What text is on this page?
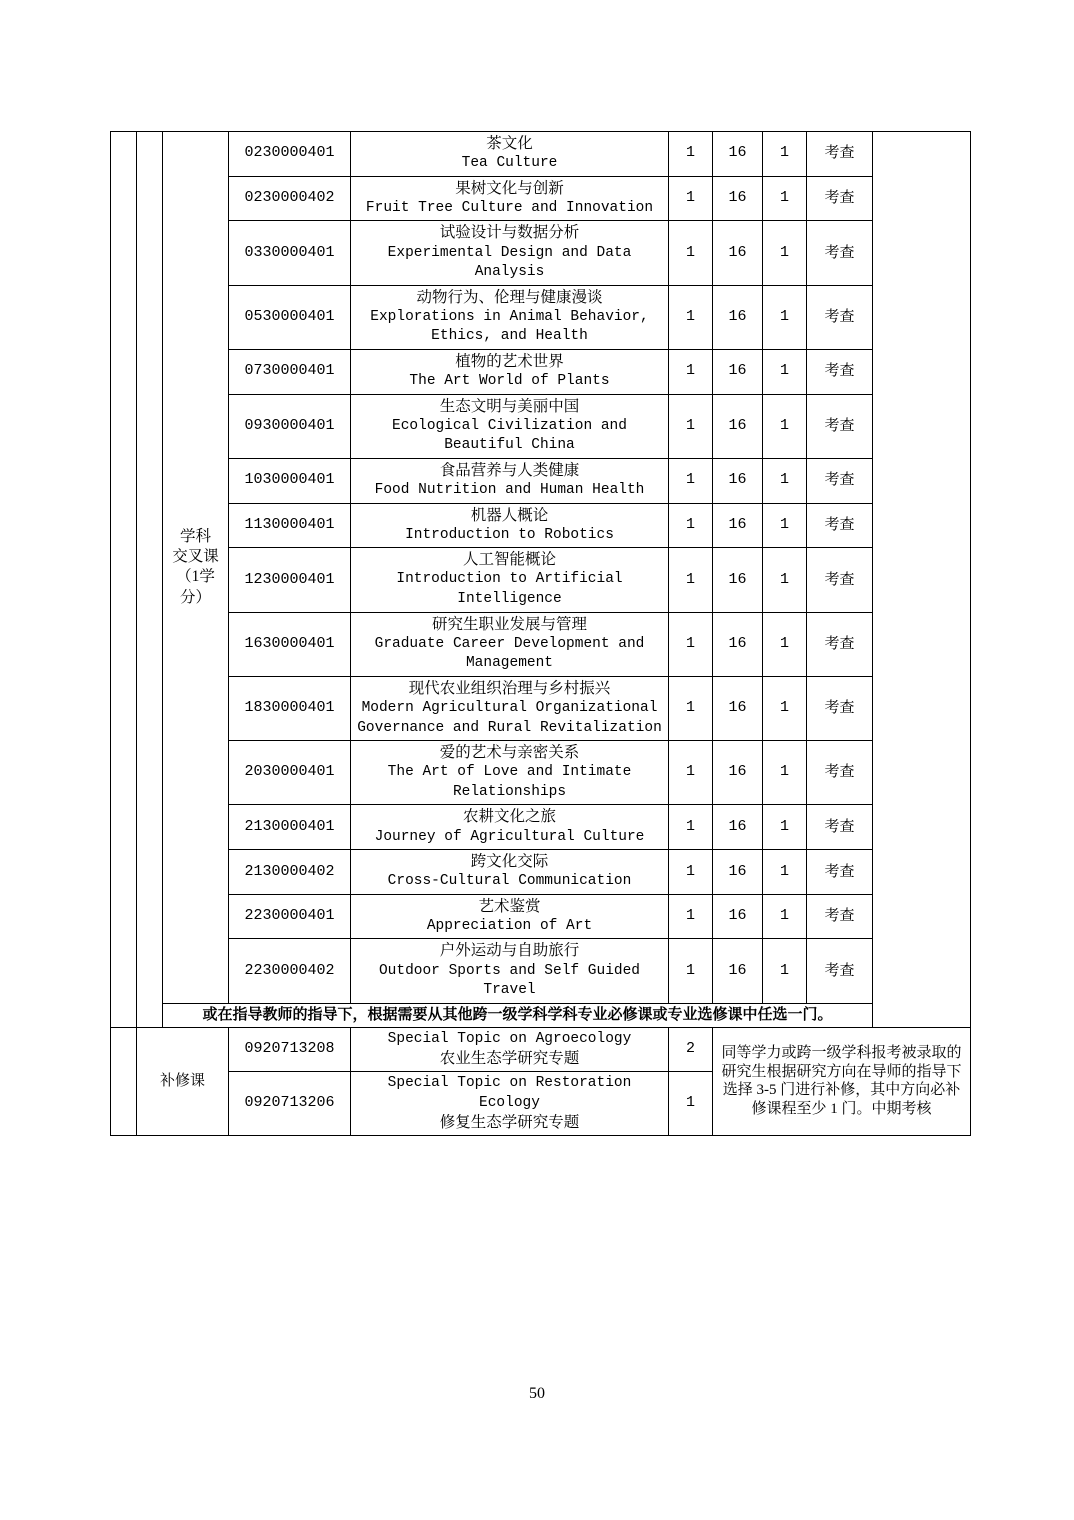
		学科
交叉课
（1学
分）	0230000401	茶文化
Tea Culture	1	16	1	考查	
			0230000402	果树文化与创新
Fruit Tree Culture and Innovation	1	16	1	考查	
			0330000401	试验设计与数据分析
Experimental Design and Data Analysis	1	16	1	考查	
			0530000401	动物行为、伦理与健康漫谈
Explorations in Animal Behavior, Ethics, and Health	1	16	1	考查	
			0730000401	植物的艺术世界
The Art World of Plants	1	16	1	考查	
			0930000401	生态文明与美丽中国
Ecological Civilization and Beautiful China	1	16	1	考查	
			1030000401	食品营养与人类健康
Food Nutrition and Human Health	1	16	1	考查	
			1130000401	机器人概论
Introduction to Robotics	1	16	1	考查	
			1230000401	人工智能概论
Introduction to Artificial Intelligence	1	16	1	考查	
			1630000401	研究生职业发展与管理
Graduate Career Development and Management	1	16	1	考查	
			1830000401	现代农业组织治理与乡村振兴
Modern Agricultural Organizational Governance and Rural Revitalization	1	16	1	考查	
			2030000401	爱的艺术与亲密关系
The Art of Love and Intimate Relationships	1	16	1	考查	
			2130000401	农耕文化之旅
Journey of Agricultural Culture	1	16	1	考查	
			2130000402	跨文化交际
Cross-Cultural Communication	1	16	1	考查	
			2230000401	艺术鉴赏
Appreciation of Art	1	16	1	考查	
			2230000402	户外运动与自助旅行
Outdoor Sports and Self Guided Travel	1	16	1	考查	
		或在指导教师的指导下，根据需要从其他跨一级学科学科专业必修课或专业选修课中任选一门。							
	补修课		0920713208	Special Topic on Agroecology
农业生态学研究专题	2	同等学力或跨一级学科报考被录取的研究生根据研究方向在导师的指导下选择 3-5 门进行补修，其中方向必补修课程至少 1 门。中期考核			
			0920713206	Special Topic on Restoration Ecology
修复生态学研究专题	1				
50
